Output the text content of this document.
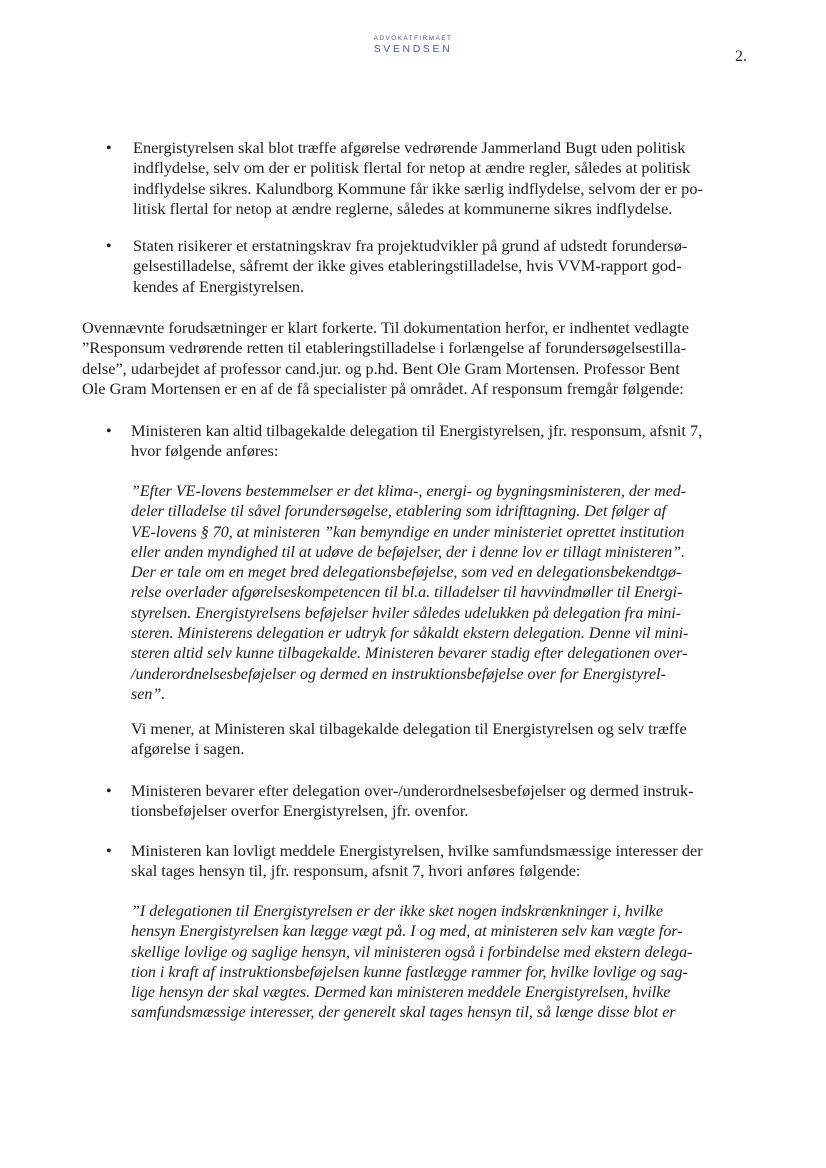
ADVOKATFIRMAET
SVENDSEN	2.
• Energistyrelsen skal blot træffe afgørelse vedrørende Jammerland Bugt uden politisk
indflydelse, selv om der er politisk flertal for netop at ændre regler, således at politisk
indflydelse sikres. Kalundborg Kommune får ikke særlig indflydelse, selvom der er po-
litisk flertal for netop at ændre reglerne, således at kommunerne sikres indflydelse.
• Staten risikerer et erstatningskrav fra projektudvikler på grund af udstedt forundersø-
gelsestilladelse, såfremt der ikke gives etableringstilladelse, hvis VVM-rapport god-
kendes af Energistyrelsen.
Ovennævnte forudsætninger er klart forkerte. Til dokumentation herfor, er indhentet vedlagte
”Responsum vedrørende retten til etableringstilladelse i forlængelse af forundersøgelsestilla-
delse”, udarbejdet af professor cand.jur. og p.hd. Bent Ole Gram Mortensen. Professor Bent
Ole Gram Mortensen er en af de få specialister på området. Af responsum fremgår følgende:
• Ministeren kan altid tilbagekalde delegation til Energistyrelsen, jfr. responsum, afsnit 7,
hvor følgende anføres:
”Efter VE-lovens bestemmelser er det klima-, energi- og bygningsministeren, der med-
deler tilladelse til såvel forundersøgelse, etablering som idrifttagning. Det følger af
VE-lovens § 70, at ministeren ”kan bemyndige en under ministeriet oprettet institution
eller anden myndighed til at udøve de beføjelser, der i denne lov er tillagt ministeren”.
Der er tale om en meget bred delegationsbeføjelse, som ved en delegationsbekendtgø-
relse overlader afgørelseskompetencen til bl.a. tilladelser til havvindmøller til Energi-
styrelsen. Energistyrelsens beføjelser hviler således udelukken på delegation fra mini-
steren. Ministerens delegation er udtryk for såkaldt ekstern delegation. Denne vil mini-
steren altid selv kunne tilbagekalde. Ministeren bevarer stadig efter delegationen over-
/underordnelsesbeføjelser og dermed en instruktionsbeføjelse over for Energistyrel-
sen”.
Vi mener, at Ministeren skal tilbagekalde delegation til Energistyrelsen og selv træffe
afgørelse i sagen.
• Ministeren bevarer efter delegation over-/underordnelsesbeføjelser og dermed instruk-
tionsbeføjelser overfor Energistyrelsen, jfr. ovenfor.
• Ministeren kan lovligt meddele Energistyrelsen, hvilke samfundsmæssige interesser der
skal tages hensyn til, jfr. responsum, afsnit 7, hvori anføres følgende:
”I delegationen til Energistyrelsen er der ikke sket nogen indskrænkninger i, hvilke
hensyn Energistyrelsen kan lægge vægt på. I og med, at ministeren selv kan vægte for-
skellige lovlige og saglige hensyn, vil ministeren også i forbindelse med ekstern delega-
tion i kraft af instruktionsbeføjelsen kunne fastlægge rammer for, hvilke lovlige og sag-
lige hensyn der skal vægtes. Dermed kan ministeren meddele Energistyrelsen, hvilke
samfundsmæssige interesser, der generelt skal tages hensyn til, så længe disse blot er
